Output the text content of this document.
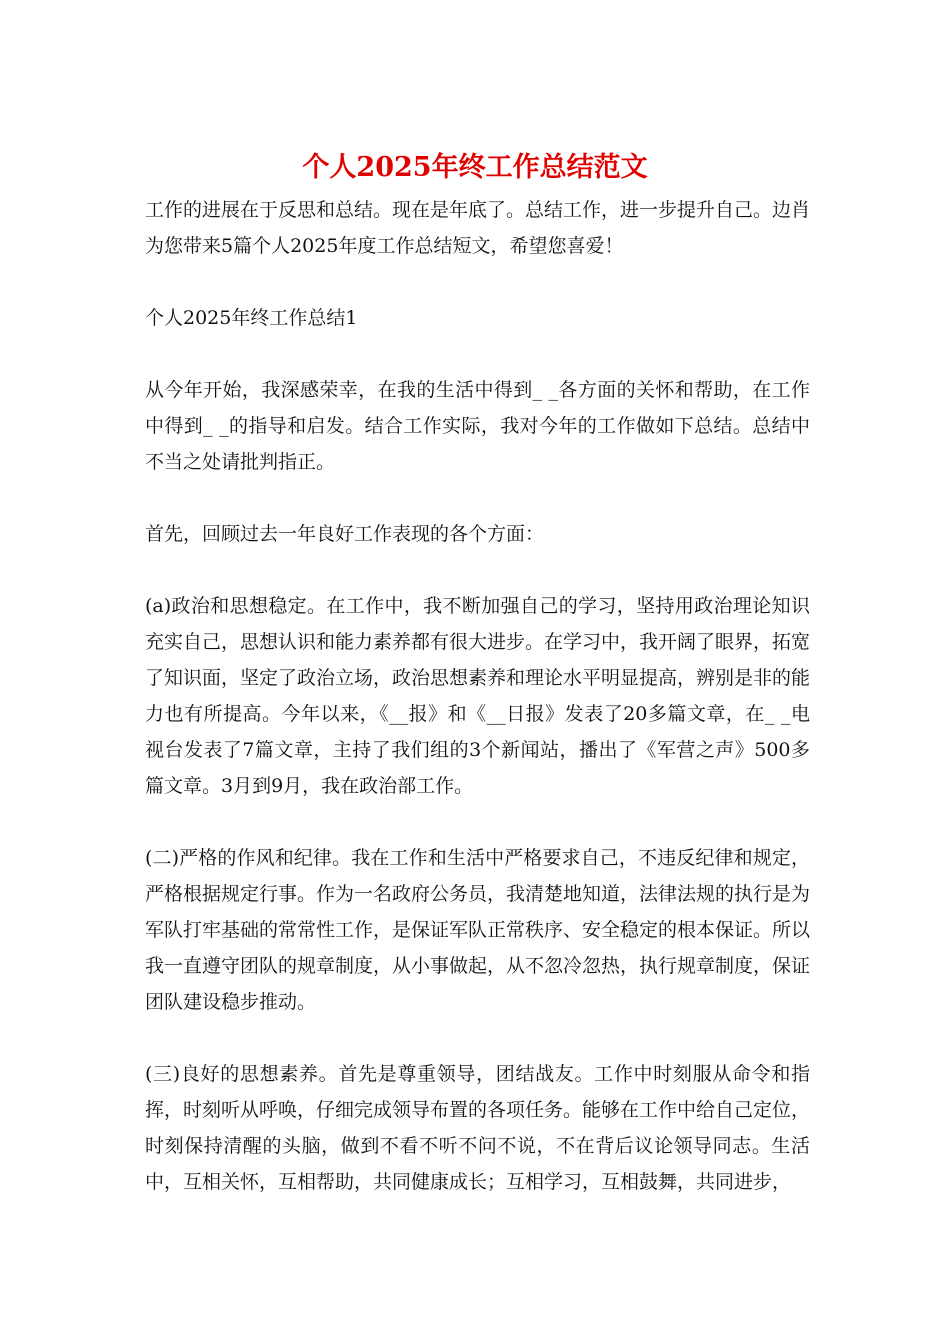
个人2025年终工作总结范文

工作的进展在于反思和总结。现在是年底了。总结工作，进一步提升自己。边肖为您带来5篇个人2025年度工作总结短文，希望您喜爱！

个人2025年终工作总结1

从今年开始，我深感荣幸，在我的生活中得到_ _各方面的关怀和帮助，在工作中得到_ _的指导和启发。结合工作实际，我对今年的工作做如下总结。总结中不当之处请批判指正。

首先，回顾过去一年良好工作表现的各个方面：

(a)政治和思想稳定。在工作中，我不断加强自己的学习，坚持用政治理论知识充实自己，思想认识和能力素养都有很大进步。在学习中，我开阔了眼界，拓宽了知识面，坚定了政治立场，政治思想素养和理论水平明显提高，辨别是非的能力也有所提高。今年以来，《__报》和《__日报》发表了20多篇文章，在_ _电视台发表了7篇文章，主持了我们组的3个新闻站，播出了《军营之声》500多篇文章。3月到9月，我在政治部工作。

(二)严格的作风和纪律。我在工作和生活中严格要求自己，不违反纪律和规定，严格根据规定行事。作为一名政府公务员，我清楚地知道，法律法规的执行是为军队打牢基础的常常性工作，是保证军队正常秩序、安全稳定的根本保证。所以我一直遵守团队的规章制度，从小事做起，从不忽冷忽热，执行规章制度，保证团队建设稳步推动。

(三)良好的思想素养。首先是尊重领导，团结战友。工作中时刻服从命令和指挥，时刻听从呼唤，仔细完成领导布置的各项任务。能够在工作中给自己定位，时刻保持清醒的头脑，做到不看不听不问不说，不在背后议论领导同志。生活中，互相关怀，互相帮助，共同健康成长；互相学习，互相鼓舞，共同进步，
